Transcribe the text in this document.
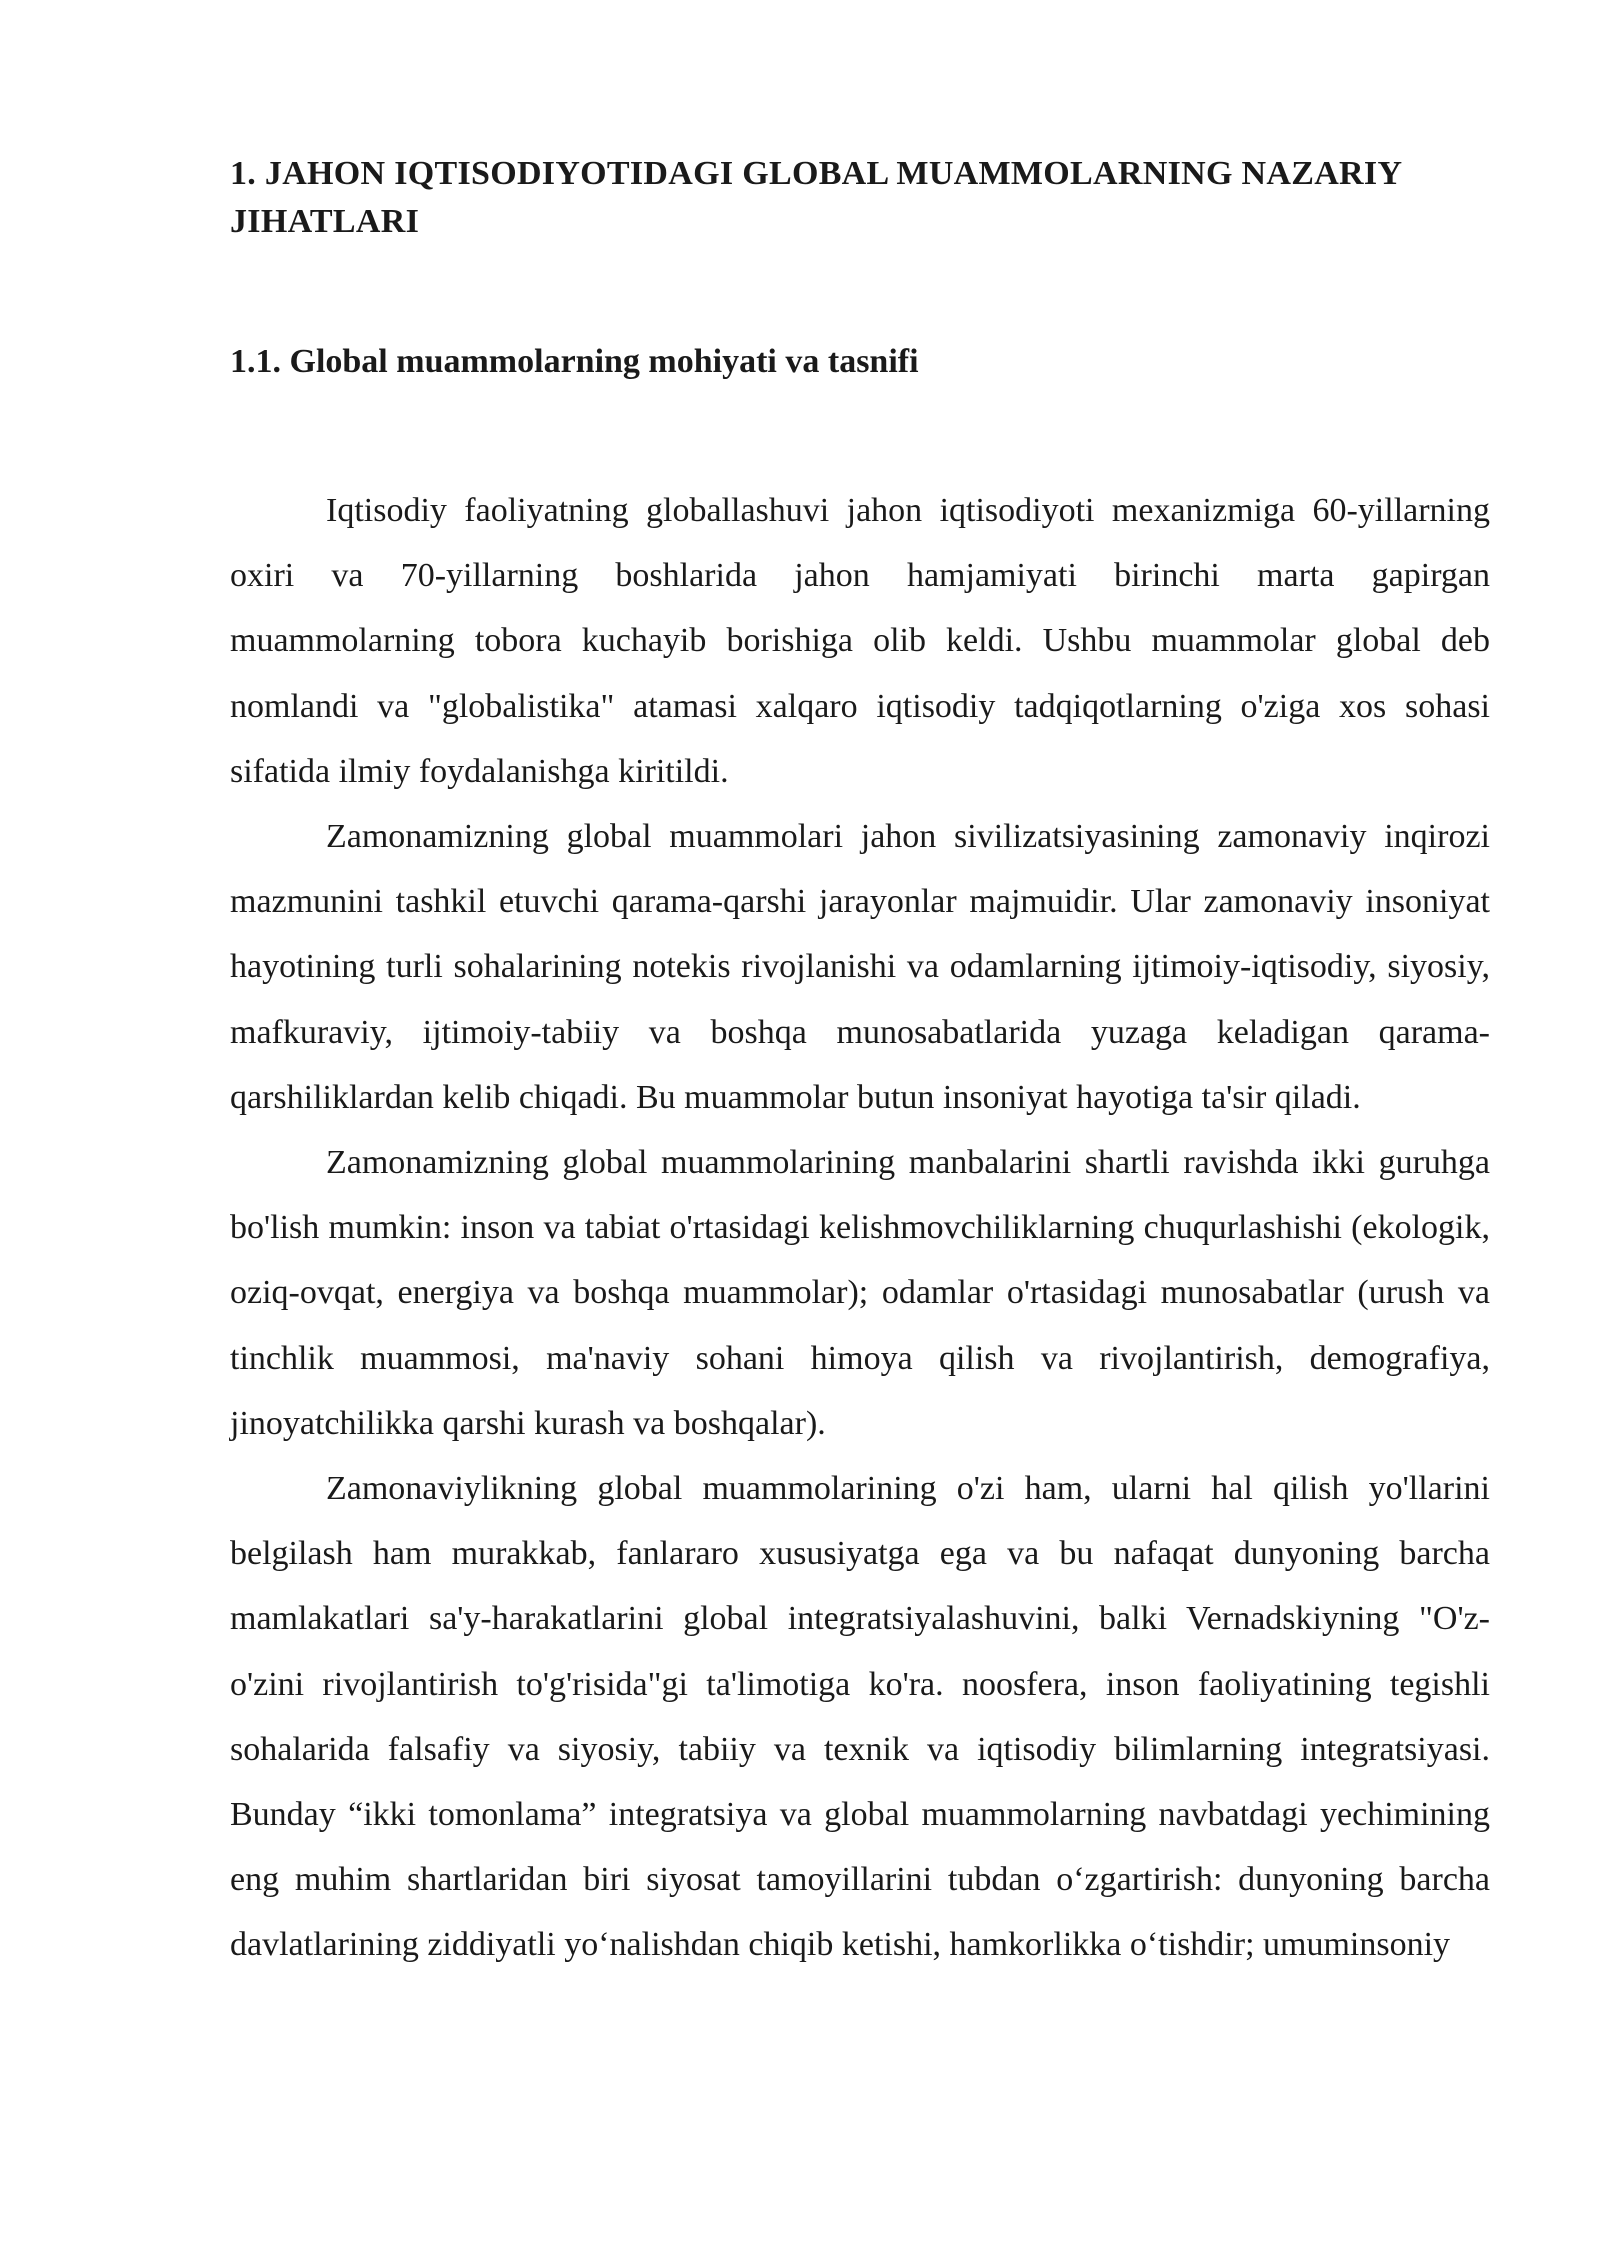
1. JAHON IQTISODIYOTIDAGI GLOBAL MUAMMOLARNING NAZARIY JIHATLARI
1.1. Global muammolarning mohiyati va tasnifi

Iqtisodiy faoliyatning globallashuvi jahon iqtisodiyoti mexanizmiga 60-yillarning oxiri va 70-yillarning boshlarida jahon hamjamiyati birinchi marta gapirgan muammolarning tobora kuchayib borishiga olib keldi. Ushbu muammolar global deb nomlandi va "globalistika" atamasi xalqaro iqtisodiy tadqiqotlarning o'ziga xos sohasi sifatida ilmiy foydalanishga kiritildi.

Zamonamizning global muammolari jahon sivilizatsiyasining zamonaviy inqirozi mazmunini tashkil etuvchi qarama-qarshi jarayonlar majmuidir. Ular zamonaviy insoniyat hayotining turli sohalarining notekis rivojlanishi va odamlarning ijtimoiy-iqtisodiy, siyosiy, mafkuraviy, ijtimoiy-tabiiy va boshqa munosabatlarida yuzaga keladigan qarama-qarshiliklardan kelib chiqadi. Bu muammolar butun insoniyat hayotiga ta'sir qiladi.

Zamonamizning global muammolarining manbalarini shartli ravishda ikki guruhga bo'lish mumkin: inson va tabiat o'rtasidagi kelishmovchiliklarning chuqurlashishi (ekologik, oziq-ovqat, energiya va boshqa muammolar); odamlar o'rtasidagi munosabatlar (urush va tinchlik muammosi, ma'naviy sohani himoya qilish va rivojlantirish, demografiya, jinoyatchilikka qarshi kurash va boshqalar).

Zamonaviylikning global muammolarining o'zi ham, ularni hal qilish yo'llarini belgilash ham murakkab, fanlararo xususiyatga ega va bu nafaqat dunyoning barcha mamlakatlari sa'y-harakatlarini global integratsiyalashuvini, balki Vernadskiyning "O'z-o'zini rivojlantirish to'g'risida"gi ta'limotiga ko'ra. noosfera, inson faoliyatining tegishli sohalarida falsafiy va siyosiy, tabiiy va texnik va iqtisodiy bilimlarning integratsiyasi. Bunday “ikki tomonlama” integratsiya va global muammolarning navbatdagi yechimining eng muhim shartlaridan biri siyosat tamoyillarini tubdan o‘zgartirish: dunyoning barcha davlatlarining ziddiyatli yo‘nalishdan chiqib ketishi, hamkorlikka o‘tishdir; umuminsoniy
